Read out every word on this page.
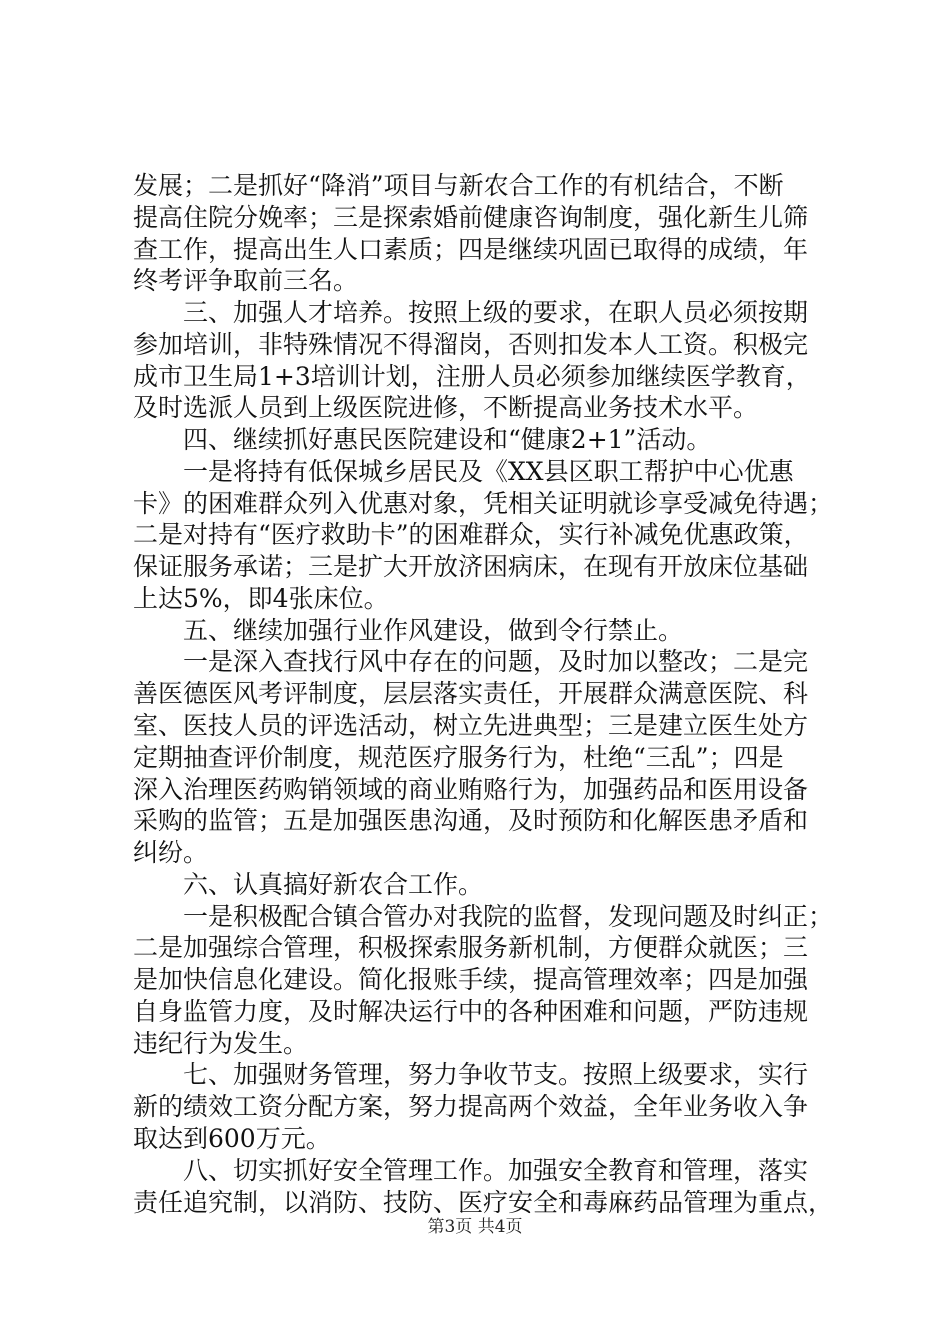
发展；二是抓好“降消”项目与新农合工作的有机结合，不断
提高住院分娩率；三是探索婚前健康咨询制度，强化新生儿筛
查工作，提高出生人口素质；四是继续巩固已取得的成绩，年
终考评争取前三名。
　　三、加强人才培养。按照上级的要求，在职人员必须按期
参加培训，非特殊情况不得溜岗，否则扣发本人工资。积极完
成市卫生局1+3培训计划，注册人员必须参加继续医学教育，
及时选派人员到上级医院进修，不断提高业务技术水平。
　　四、继续抓好惠民医院建设和“健康2+1”活动。
　　一是将持有低保城乡居民及《XX县区职工帮护中心优惠
卡》的困难群众列入优惠对象，凭相关证明就诊享受减免待遇；
二是对持有“医疗救助卡”的困难群众，实行补减免优惠政策，
保证服务承诺；三是扩大开放济困病床，在现有开放床位基础
上达5%，即4张床位。
　　五、继续加强行业作风建设，做到令行禁止。
　　一是深入查找行风中存在的问题，及时加以整改；二是完
善医德医风考评制度，层层落实责任，开展群众满意医院、科
室、医技人员的评选活动，树立先进典型；三是建立医生处方
定期抽查评价制度，规范医疗服务行为，杜绝“三乱”；四是
深入治理医药购销领域的商业贿赂行为，加强药品和医用设备
采购的监管；五是加强医患沟通，及时预防和化解医患矛盾和
纠纷。
　　六、认真搞好新农合工作。
　　一是积极配合镇合管办对我院的监督，发现问题及时纠正；
二是加强综合管理，积极探索服务新机制，方便群众就医；三
是加快信息化建设。简化报账手续，提高管理效率；四是加强
自身监管力度，及时解决运行中的各种困难和问题，严防违规
违纪行为发生。
　　七、加强财务管理，努力争收节支。按照上级要求，实行
新的绩效工资分配方案，努力提高两个效益，全年业务收入争
取达到600万元。
　　八、切实抓好安全管理工作。加强安全教育和管理，落实
责任追究制，以消防、技防、医疗安全和毒麻药品管理为重点，
第3页 共4页
